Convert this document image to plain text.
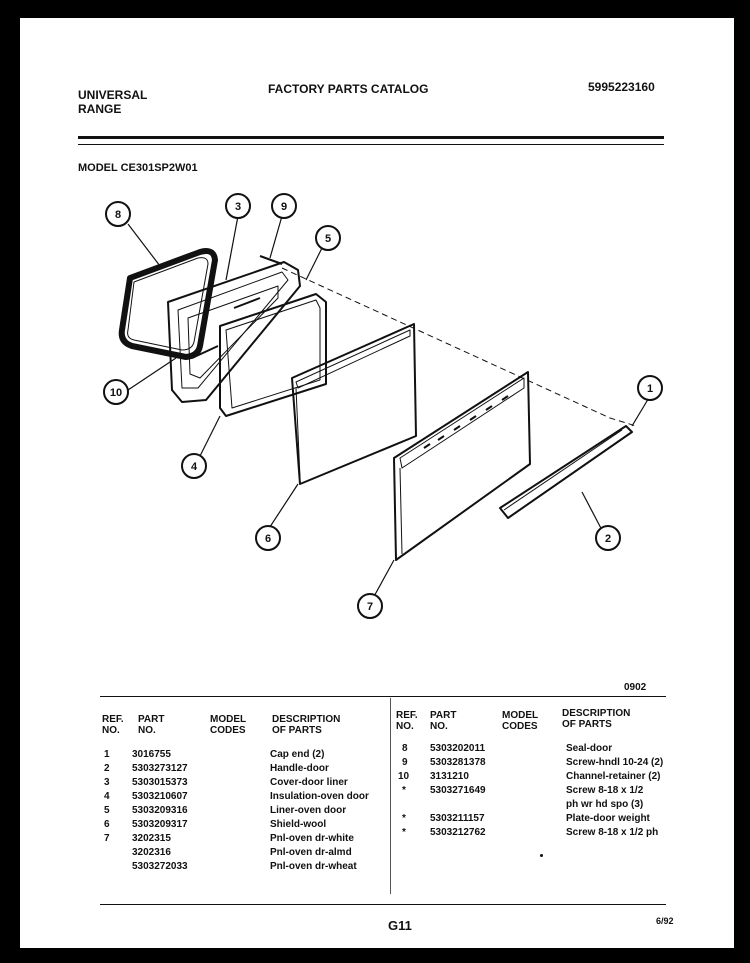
UNIVERSAL
RANGE
FACTORY PARTS CATALOG	5995223160
MODEL CE301SP2W01
8
3	9
5
10
4
1
6	2
7
0902
REF.
NO.
PART
NO.
MODEL
CODES
DESCRIPTION
OF PARTS
REF.
NO.
PART
NO.
MODEL
CODES
DESCRIPTION
OF PARTS
1 3016755	Cap end (2)
2 5303273127	Handle-door
3 5303015373	Cover-door liner
4 5303210607	Insulation-oven door
5 5303209316	Liner-oven door
6 5303209317	Shield-wool
7 3202315	Pnl-oven dr-white
3202316	Pnl-oven dr-almd
5303272033	Pnl-oven dr-wheat
8 5303202011	Seal-door
9 5303281378	Screw-hndl 10-24 (2)
10 3131210	Channel-retainer (2)
* 5303271649	Screw 8-18 x 1/2
ph wr hd spo (3)
* 5303211157	Plate-door weight
* 5303212762	Screw 8-18 x 1/2 ph
G11	6/92
